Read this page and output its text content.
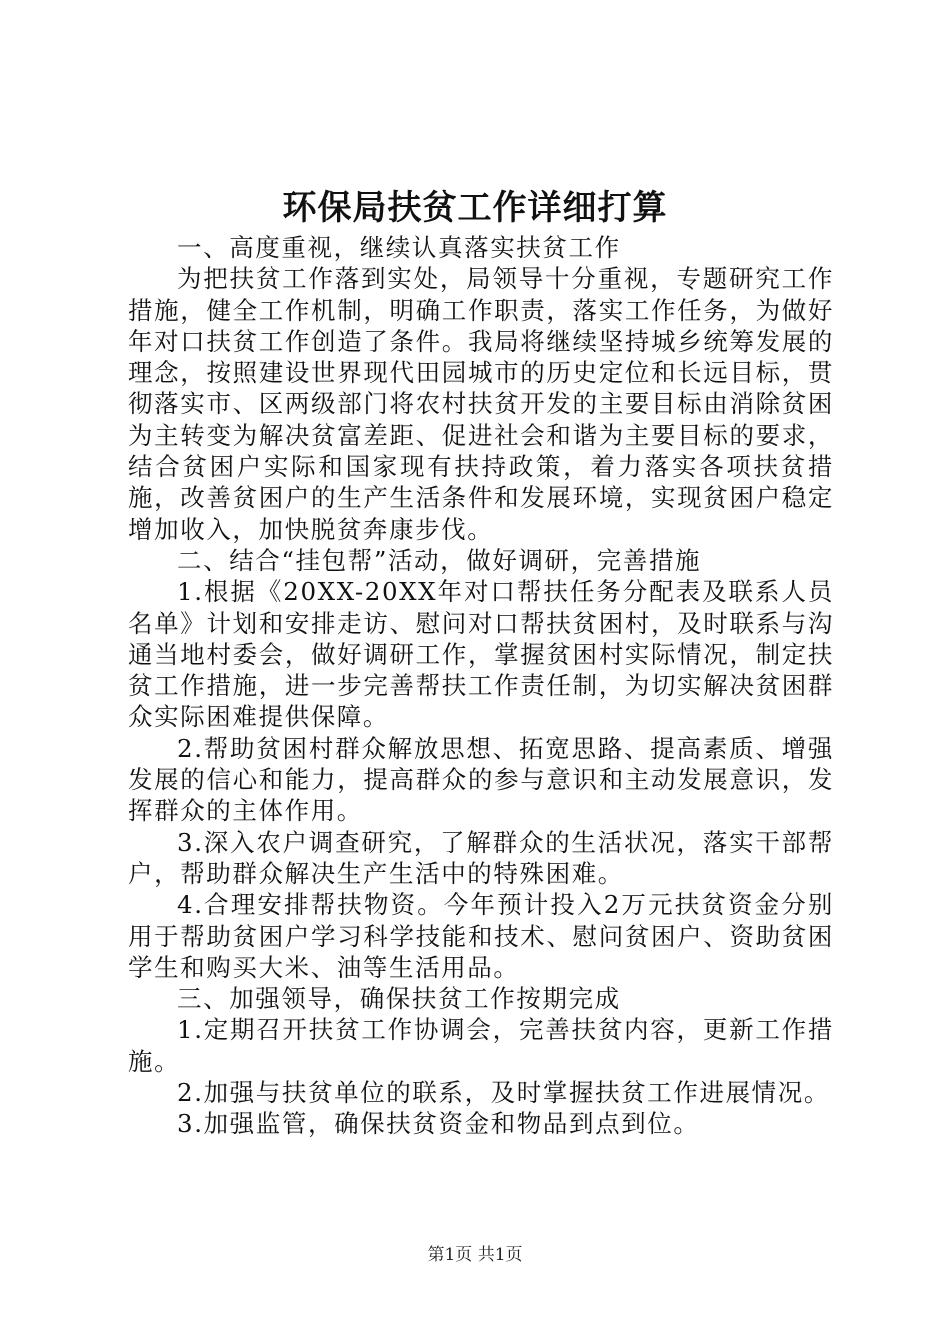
环保局扶贫工作详细打算

一、高度重视，继续认真落实扶贫工作

为把扶贫工作落到实处，局领导十分重视，专题研究工作措施，健全工作机制，明确工作职责，落实工作任务，为做好年对口扶贫工作创造了条件。我局将继续坚持城乡统筹发展的理念，按照建设世界现代田园城市的历史定位和长远目标，贯彻落实市、区两级部门将农村扶贫开发的主要目标由消除贫困为主转变为解决贫富差距、促进社会和谐为主要目标的要求，结合贫困户实际和国家现有扶持政策，着力落实各项扶贫措施，改善贫困户的生产生活条件和发展环境，实现贫困户稳定增加收入，加快脱贫奔康步伐。

二、结合“挂包帮”活动，做好调研，完善措施

1.根据《20XX-20XX年对口帮扶任务分配表及联系人员名单》计划和安排走访、慰问对口帮扶贫困村，及时联系与沟通当地村委会，做好调研工作，掌握贫困村实际情况，制定扶贫工作措施，进一步完善帮扶工作责任制，为切实解决贫困群众实际困难提供保障。

2.帮助贫困村群众解放思想、拓宽思路、提高素质、增强发展的信心和能力，提高群众的参与意识和主动发展意识，发挥群众的主体作用。

3.深入农户调查研究，了解群众的生活状况，落实干部帮户，帮助群众解决生产生活中的特殊困难。

4.合理安排帮扶物资。今年预计投入2万元扶贫资金分别用于帮助贫困户学习科学技能和技术、慰问贫困户、资助贫困学生和购买大米、油等生活用品。

三、加强领导，确保扶贫工作按期完成

1.定期召开扶贫工作协调会，完善扶贫内容，更新工作措施。

2.加强与扶贫单位的联系，及时掌握扶贫工作进展情况。

3.加强监管，确保扶贫资金和物品到点到位。

第1页 共1页
